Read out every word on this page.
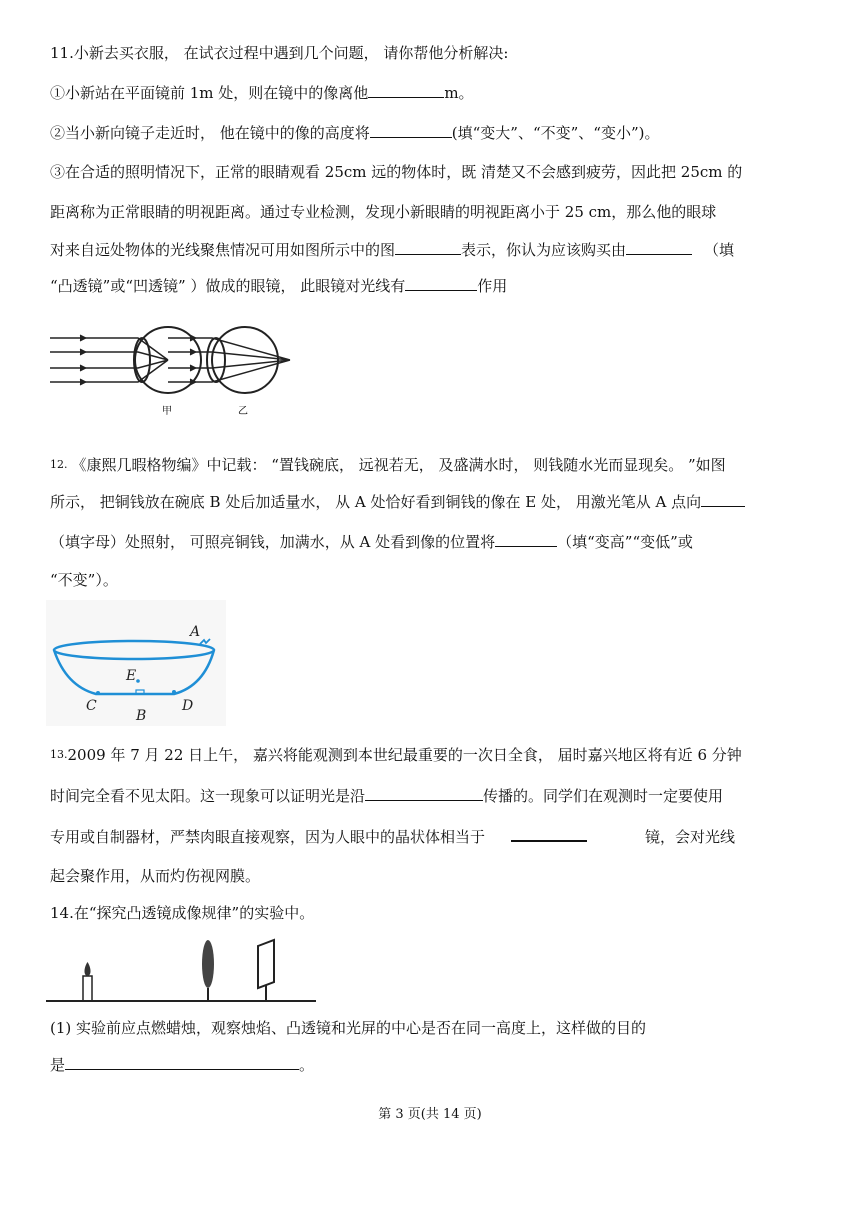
11.小新去买衣服， 在试衣过程中遇到几个问题， 请你帮他分析解决:
①小新站在平面镜前 1m 处，则在镜中的像离他	m。
②当小新向镜子走近时， 他在镜中的像的高度将	(填“变大”、“不变”、“变小”)。
③在合适的照明情况下，正常的眼睛观看 25cm 远的物体时，既 清楚又不会感到疲劳，因此把 25cm 的
距离称为正常眼睛的明视距离。通过专业检测，发现小新眼睛的明视距离小于 25 cm，那么他的眼球
对来自远处物体的光线聚焦情况可用如图所示中的图	表示，你认为应该购买由	（填
“凸透镜”或“凹透镜” ）做成的眼镜， 此眼镜对光线有	作用
甲	乙
$^{12.}$ 《康熙几暇格物编》中记载： “置钱碗底， 远视若无， 及盛满水时， 则钱随水光而显现矣。 ”如图
所示， 把铜钱放在碗底 B 处后加适量水， 从 A 处恰好看到铜钱的像在 E 处， 用激光笔从 A 点向
（填字母）处照射， 可照亮铜钱，加满水，从 A 处看到像的位置将	（填“变高”“变低”或
“不变”）。
A
E
B
C	D
$^{13.}$2009 年 7 月 22 日上午， 嘉兴将能观测到本世纪最重要的一次日全食， 届时嘉兴地区将有近 6 分钟
时间完全看不见太阳。这一现象可以证明光是沿	传播的。同学们在观测时一定要使用
专用或自制器材，严禁肉眼直接观察，因为人眼中的晶状体相当于	镜，会对光线
起会聚作用，从而灼伤视网膜。
14.在“探究凸透镜成像规律”的实验中。
(1) 实验前应点燃蜡烛，观察烛焰、凸透镜和光屏的中心是否在同一高度上，这样做的目的
是	。
第 3 页(共 14 页)
